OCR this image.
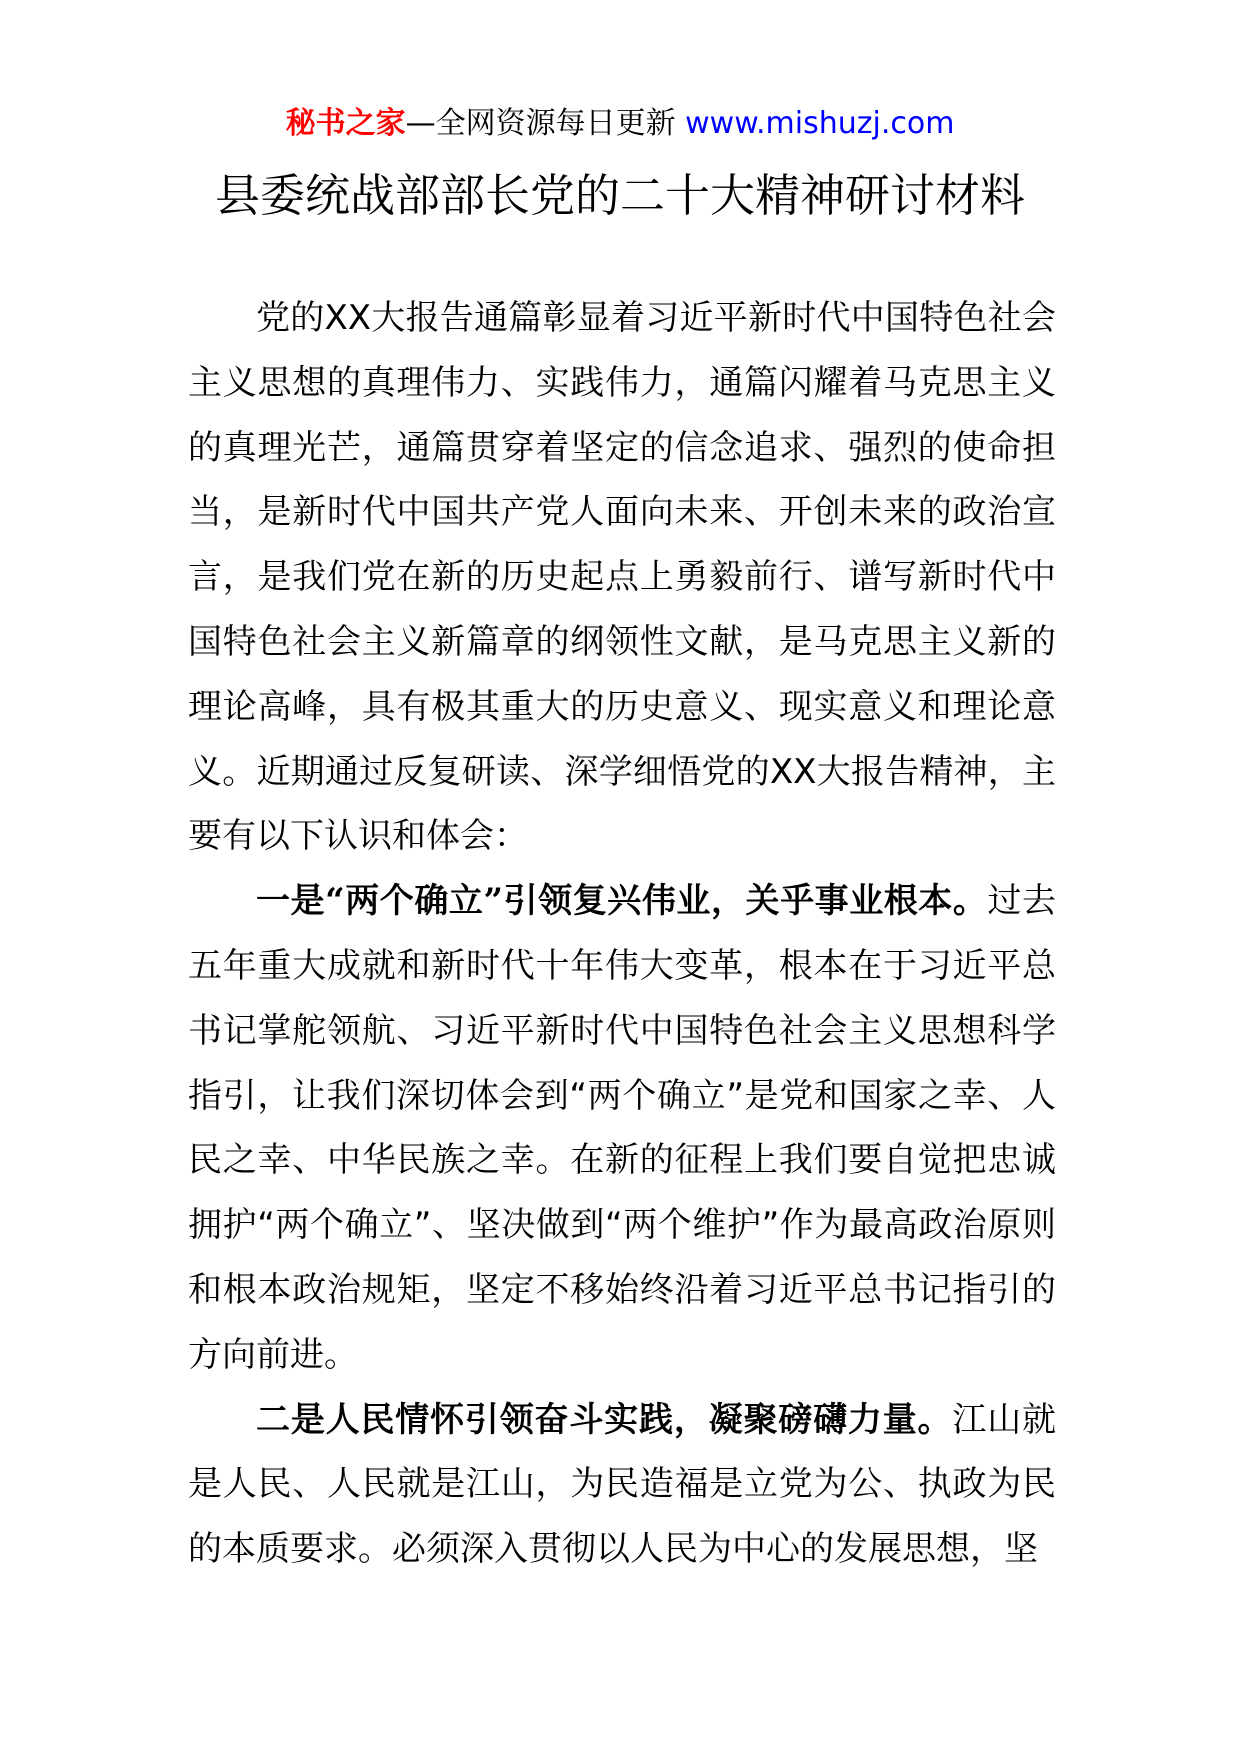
秘书之家—全网资源每日更新 www.mishuzj.com
县委统战部部长党的二十大精神研讨材料

党的XX大报告通篇彰显着习近平新时代中国特色社会主义思想的真理伟力、实践伟力，通篇闪耀着马克思主义的真理光芒，通篇贯穿着坚定的信念追求、强烈的使命担当，是新时代中国共产党人面向未来、开创未来的政治宣言，是我们党在新的历史起点上勇毅前行、谱写新时代中国特色社会主义新篇章的纲领性文献，是马克思主义新的理论高峰，具有极其重大的历史意义、现实意义和理论意义。近期通过反复研读、深学细悟党的XX大报告精神，主要有以下认识和体会：

一是“两个确立”引领复兴伟业，关乎事业根本。过去五年重大成就和新时代十年伟大变革，根本在于习近平总书记掌舵领航、习近平新时代中国特色社会主义思想科学指引，让我们深切体会到“两个确立”是党和国家之幸、人民之幸、中华民族之幸。在新的征程上我们要自觉把忠诚拥护“两个确立”、坚决做到“两个维护”作为最高政治原则和根本政治规矩，坚定不移始终沿着习近平总书记指引的方向前进。

二是人民情怀引领奋斗实践，凝聚磅礴力量。江山就是人民、人民就是江山，为民造福是立党为公、执政为民的本质要求。必须深入贯彻以人民为中心的发展思想，坚
